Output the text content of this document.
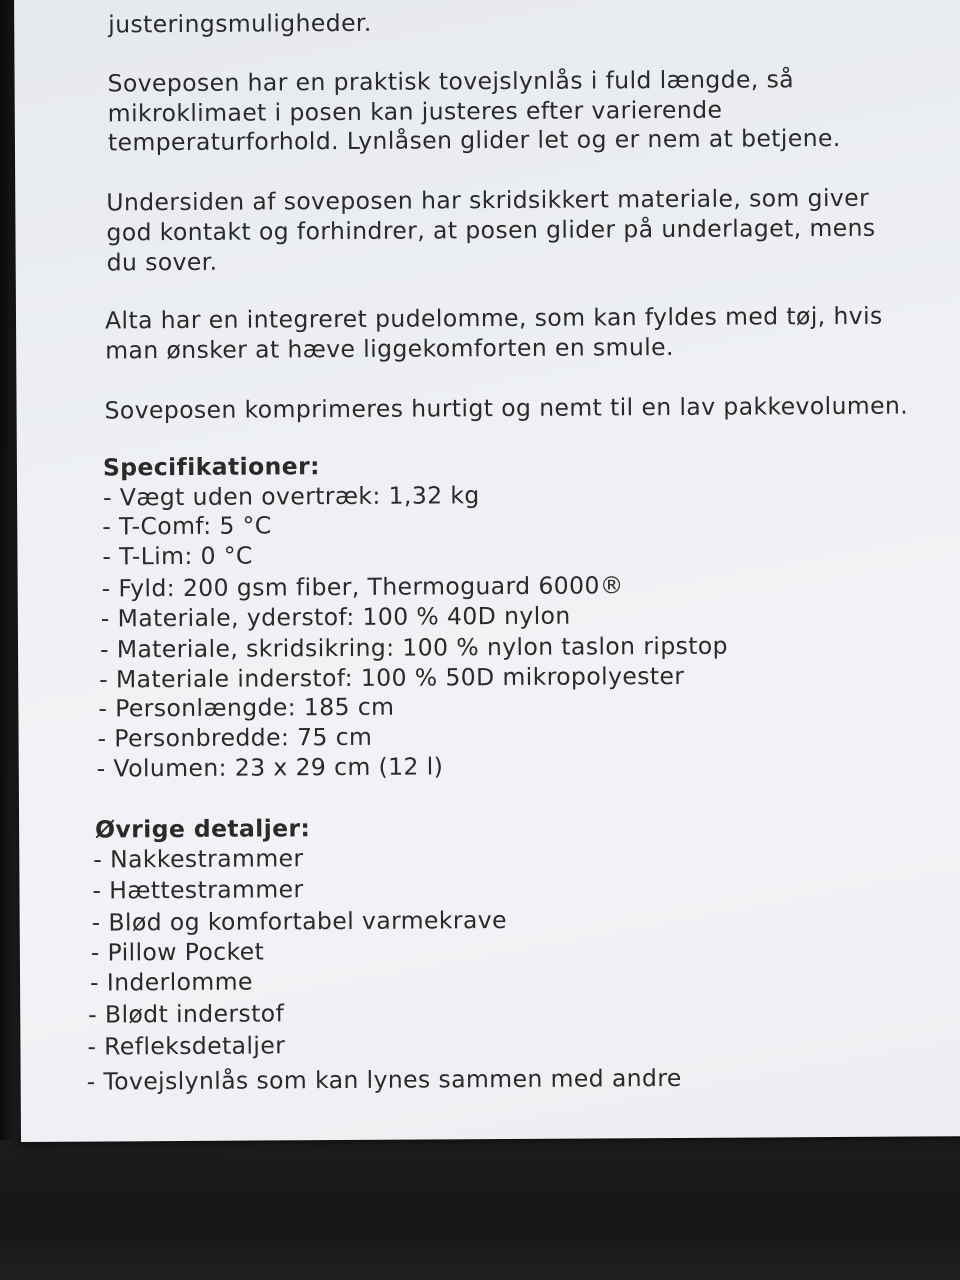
justeringsmuligheder.
Soveposen har en praktisk tovejslynlås i fuld længde, så
mikroklimaet i posen kan justeres efter varierende
temperaturforhold. Lynlåsen glider let og er nem at betjene.
Undersiden af soveposen har skridsikkert materiale, som giver
god kontakt og forhindrer, at posen glider på underlaget, mens
du sover.
Alta har en integreret pudelomme, som kan fyldes med tøj, hvis
man ønsker at hæve liggekomforten en smule.
Soveposen komprimeres hurtigt og nemt til en lav pakkevolumen.
Specifikationer:
- Vægt uden overtræk: 1,32 kg
- T-Comf: 5 °C
- T-Lim: 0 °C
- Fyld: 200 gsm fiber, Thermoguard 6000®
- Materiale, yderstof: 100 % 40D nylon
- Materiale, skridsikring: 100 % nylon taslon ripstop
- Materiale inderstof: 100 % 50D mikropolyester
- Personlængde: 185 cm
- Personbredde: 75 cm
- Volumen: 23 x 29 cm (12 l)
Øvrige detaljer:
- Nakkestrammer
- Hættestrammer
- Blød og komfortabel varmekrave
- Pillow Pocket
- Inderlomme
- Blødt inderstof
- Refleksdetaljer
- Tovejslynlås som kan lynes sammen med andre
